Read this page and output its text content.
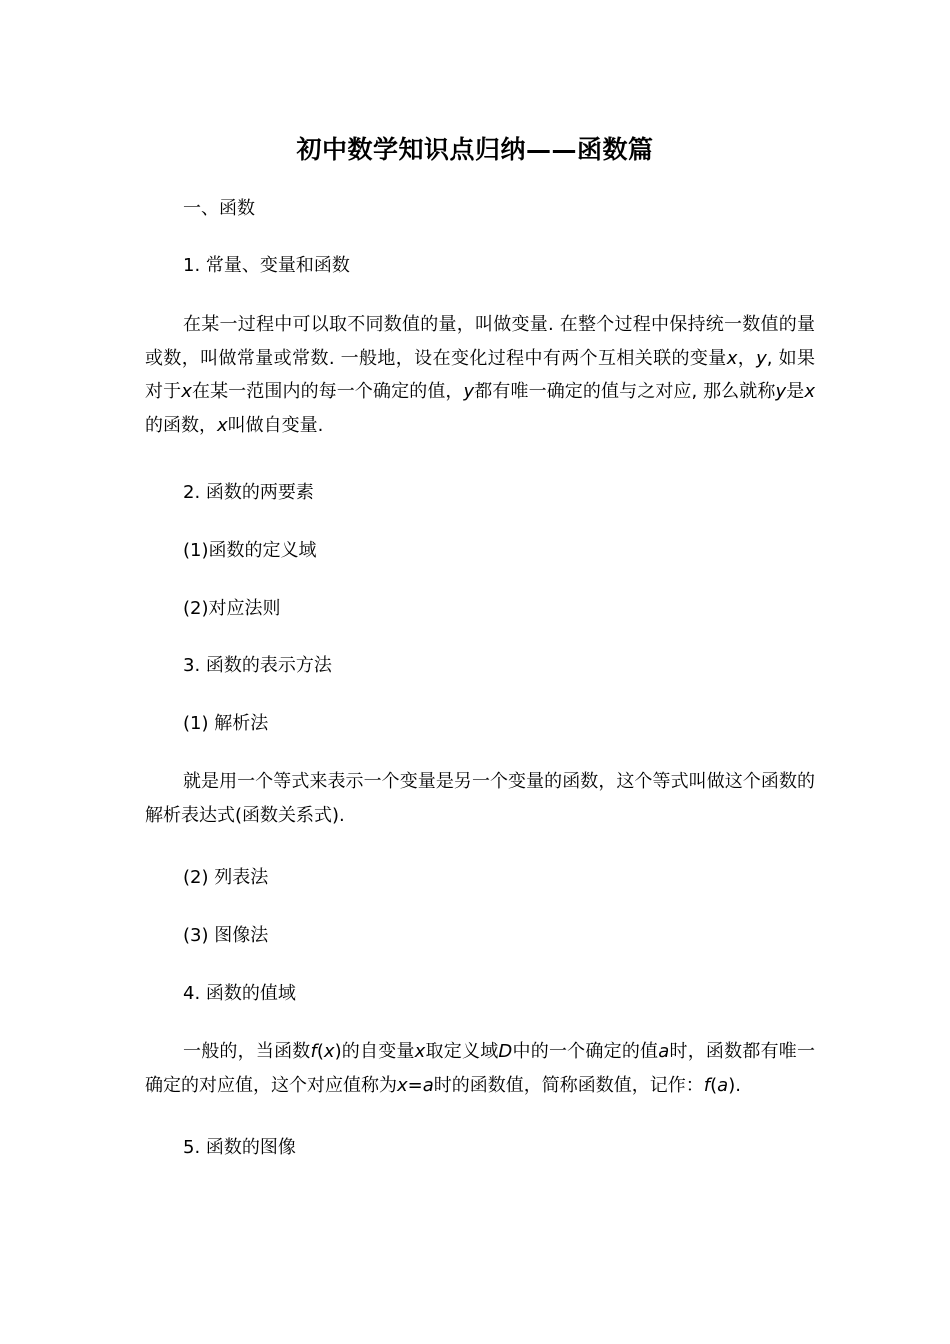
初中数学知识点归纳——函数篇
一、函数
1. 常量、变量和函数
在某一过程中可以取不同数值的量，叫做变量. 在整个过程中保持统一数值的量或数，叫做常量或常数. 一般地，设在变化过程中有两个互相关联的变量x，y, 如果对于x在某一范围内的每一个确定的值，y都有唯一确定的值与之对应, 那么就称y是x的函数，x叫做自变量.
2. 函数的两要素
(1)函数的定义域
(2)对应法则
3. 函数的表示方法
(1) 解析法
就是用一个等式来表示一个变量是另一个变量的函数，这个等式叫做这个函数的解析表达式(函数关系式).
(2) 列表法
(3) 图像法
4. 函数的值域
一般的，当函数f(x)的自变量x取定义域D中的一个确定的值a时，函数都有唯一确定的对应值，这个对应值称为x=a时的函数值，简称函数值，记作：f(a).
5. 函数的图像
